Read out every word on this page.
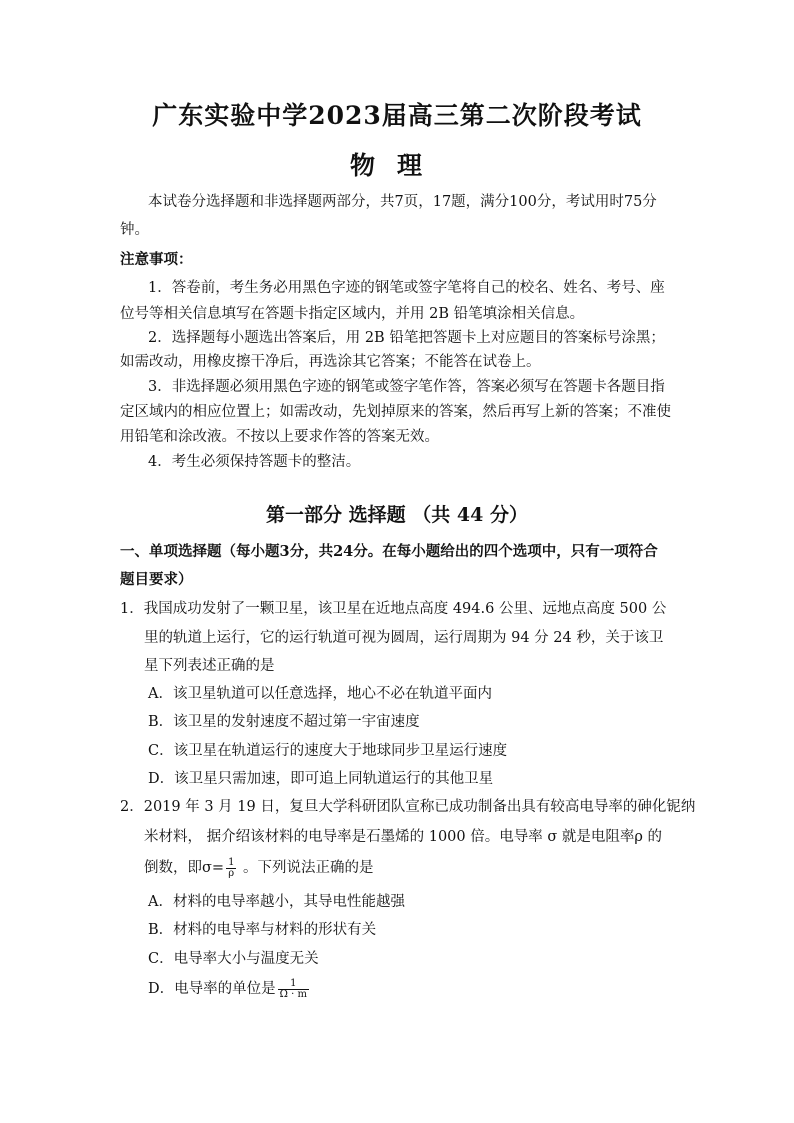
广东实验中学2023届高三第二次阶段考试
物理
本试卷分选择题和非选择题两部分，共7页，17题，满分100分，考试用时75分
钟。
注意事项：
1．答卷前，考生务必用黑色字迹的钢笔或签字笔将自己的校名、姓名、考号、座
位号等相关信息填写在答题卡指定区域内，并用 2B 铅笔填涂相关信息。
2．选择题每小题选出答案后，用 2B 铅笔把答题卡上对应题目的答案标号涂黑；
如需改动，用橡皮擦干净后，再选涂其它答案；不能答在试卷上。
3．非选择题必须用黑色字迹的钢笔或签字笔作答，答案必须写在答题卡各题目指
定区域内的相应位置上；如需改动，先划掉原来的答案，然后再写上新的答案；不准使
用铅笔和涂改液。不按以上要求作答的答案无效。
4．考生必须保持答题卡的整洁。
第一部分 选择题 （共 44 分）
一、单项选择题（每小题3分，共24分。在每小题给出的四个选项中，只有一项符合
题目要求）
1．我国成功发射了一颗卫星，该卫星在近地点高度 494.6 公里、远地点高度 500 公
里的轨道上运行，它的运行轨道可视为圆周，运行周期为 94 分 24 秒，关于该卫
星下列表述正确的是
A．该卫星轨道可以任意选择，地心不必在轨道平面内
B．该卫星的发射速度不超过第一宇宙速度
C．该卫星在轨道运行的速度大于地球同步卫星运行速度
D．该卫星只需加速，即可追上同轨道运行的其他卫星
2．2019 年 3 月 19 日，复旦大学科研团队宣称已成功制备出具有较高电导率的砷化铌纳
米材料， 据介绍该材料的电导率是石墨烯的 1000 倍。电导率 σ 就是电阻率ρ 的
倒数，即$\sigma= \frac{1}{\rho}$ 。下列说法正确的是
A．材料的电导率越小，其导电性能越强
B．材料的电导率与材料的形状有关
C．电导率大小与温度无关
D．电导率的单位是 $\frac{1}{\Omega \cdot m}$
